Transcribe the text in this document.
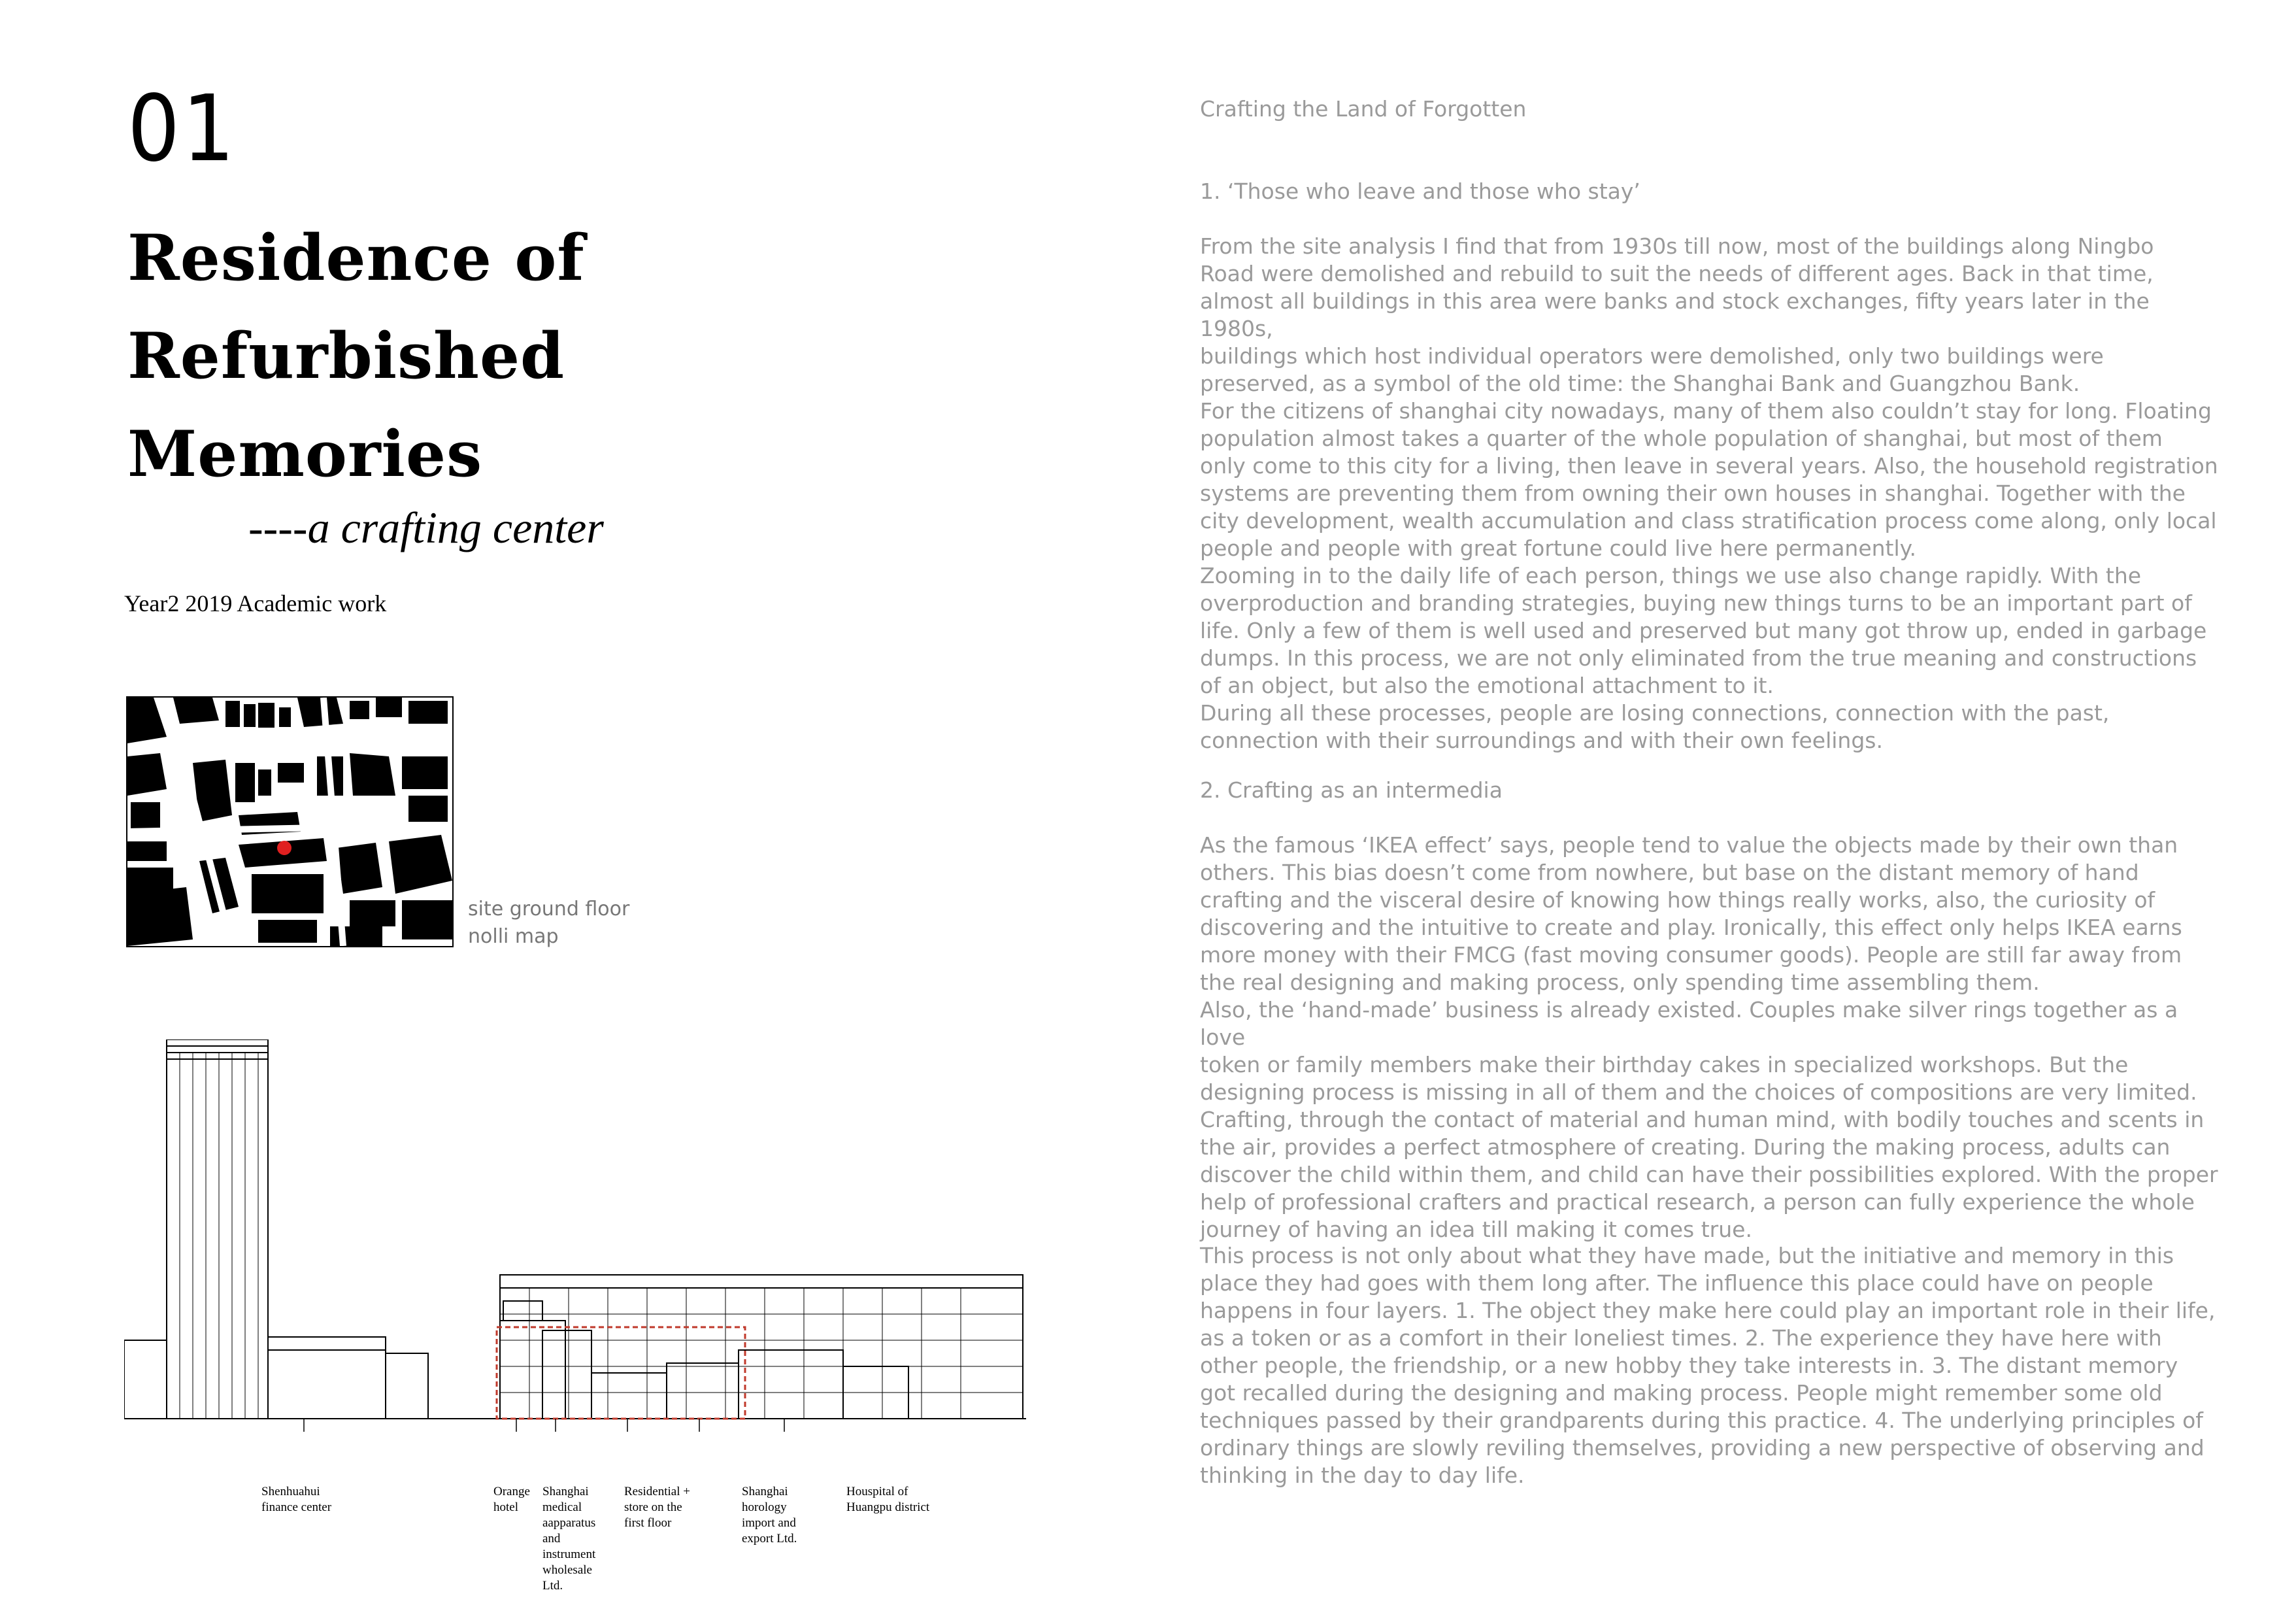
01
Residence of
Refurbished
Memories
----a crafting center
Year2 2019 Academic work
site ground floor
nolli map
Shenhuahui
finance center
Orange
hotel
Shanghai
medical
aapparatus
and
instrument
wholesale
Ltd.
Residential +
store on the
first floor
Shanghai
horology
import and
export Ltd.
Houspital of
Huangpu district
Crafting the Land of Forgotten
1. ‘Those who leave and those who stay’
From the site analysis I find that from 1930s till now, most of the buildings along Ningbo
Road were demolished and rebuild to suit the needs of different ages. Back in that time,
almost all buildings in this area were banks and stock exchanges, fifty years later in the 1980s,
buildings which host individual operators were demolished, only two buildings were
preserved, as a symbol of the old time: the Shanghai Bank and Guangzhou Bank.
For the citizens of shanghai city nowadays, many of them also couldn’t stay for long. Floating
population almost takes a quarter of the whole population of shanghai, but most of them
only come to this city for a living, then leave in several years. Also, the household registration
systems are preventing them from owning their own houses in shanghai. Together with the
city development, wealth accumulation and class stratification process come along, only local
people and people with great fortune could live here permanently.
Zooming in to the daily life of each person, things we use also change rapidly. With the
overproduction and branding strategies, buying new things turns to be an important part of
life. Only a few of them is well used and preserved but many got throw up, ended in garbage
dumps. In this process, we are not only eliminated from the true meaning and constructions
of an object, but also the emotional attachment to it.
During all these processes, people are losing connections, connection with the past,
connection with their surroundings and with their own feelings.
2. Crafting as an intermedia
As the famous ‘IKEA effect’ says, people tend to value the objects made by their own than
others. This bias doesn’t come from nowhere, but base on the distant memory of hand
crafting and the visceral desire of knowing how things really works, also, the curiosity of
discovering and the intuitive to create and play. Ironically, this effect only helps IKEA earns
more money with their FMCG (fast moving consumer goods). People are still far away from
the real designing and making process, only spending time assembling them.
Also, the ‘hand-made’ business is already existed. Couples make silver rings together as a love
token or family members make their birthday cakes in specialized workshops. But the
designing process is missing in all of them and the choices of compositions are very limited.
Crafting, through the contact of material and human mind, with bodily touches and scents in
the air, provides a perfect atmosphere of creating. During the making process, adults can
discover the child within them, and child can have their possibilities explored. With the proper
help of professional crafters and practical research, a person can fully experience the whole
journey of having an idea till making it comes true.
This process is not only about what they have made, but the initiative and memory in this
place they had goes with them long after. The influence this place could have on people
happens in four layers. 1. The object they make here could play an important role in their life,
as a token or as a comfort in their loneliest times. 2. The experience they have here with
other people, the friendship, or a new hobby they take interests in. 3. The distant memory
got recalled during the designing and making process. People might remember some old
techniques passed by their grandparents during this practice. 4. The underlying principles of
ordinary things are slowly reviling themselves, providing a new perspective of observing and
thinking in the day to day life.
